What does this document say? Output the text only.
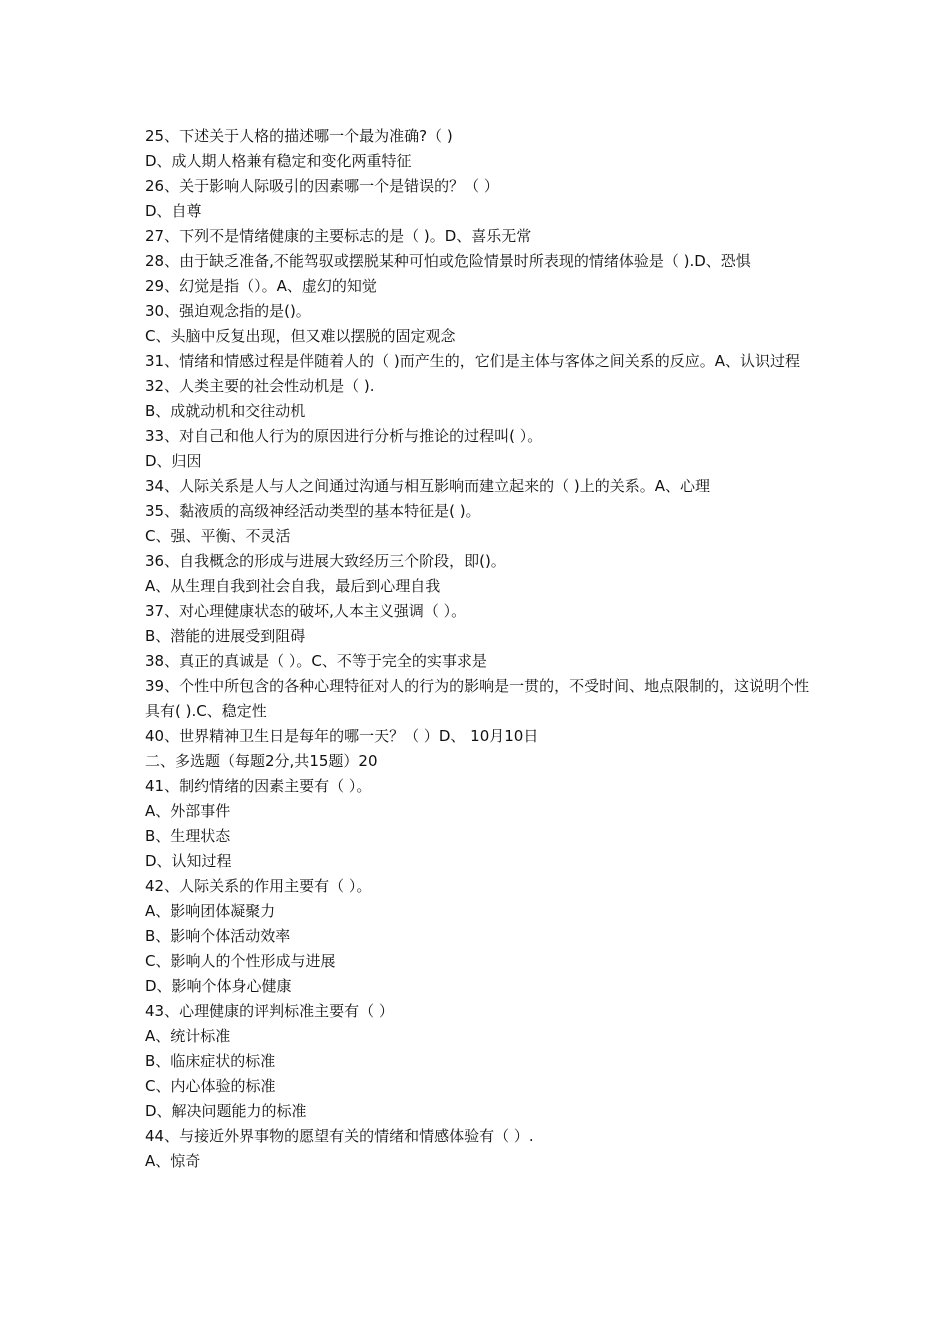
25、下述关于人格的描述哪一个最为准确?（ )
D、成人期人格兼有稳定和变化两重特征
26、关于影响人际吸引的因素哪一个是错误的？（ ）
D、自尊
27、下列不是情绪健康的主要标志的是（ )。D、喜乐无常
28、由于缺乏准备,不能驾驭或摆脱某种可怕或危险情景时所表现的情绪体验是（ ).D、恐惧
29、幻觉是指（）。A、虚幻的知觉
30、强迫观念指的是()。
C、头脑中反复出现，但又难以摆脱的固定观念
31、情绪和情感过程是伴随着人的（ )而产生的，它们是主体与客体之间关系的反应。A、认识过程
32、人类主要的社会性动机是（ ).
B、成就动机和交往动机
33、对自己和他人行为的原因进行分析与推论的过程叫( ）。
D、归因
34、人际关系是人与人之间通过沟通与相互影响而建立起来的（ )上的关系。A、心理
35、黏液质的高级神经活动类型的基本特征是( )。
C、强、平衡、不灵活
36、自我概念的形成与进展大致经历三个阶段，即()。
A、从生理自我到社会自我，最后到心理自我
37、对心理健康状态的破坏,人本主义强调（ ）。
B、潜能的进展受到阻碍
38、真正的真诚是（ ）。C、不等于完全的实事求是
39、个性中所包含的各种心理特征对人的行为的影响是一贯的，不受时间、地点限制的，这说明个性具有( ).C、稳定性
40、世界精神卫生日是每年的哪一天？（ ）D、 10月10日
二、多选题（每题2分,共15题）20
41、制约情绪的因素主要有（ ）。
A、外部事件
B、生理状态
D、认知过程
42、人际关系的作用主要有（ ）。
A、影响团体凝聚力
B、影响个体活动效率
C、影响人的个性形成与进展
D、影响个体身心健康
43、心理健康的评判标准主要有（ ）
A、统计标准
B、临床症状的标准
C、内心体验的标准
D、解决问题能力的标准
44、与接近外界事物的愿望有关的情绪和情感体验有（ ）.
A、惊奇
